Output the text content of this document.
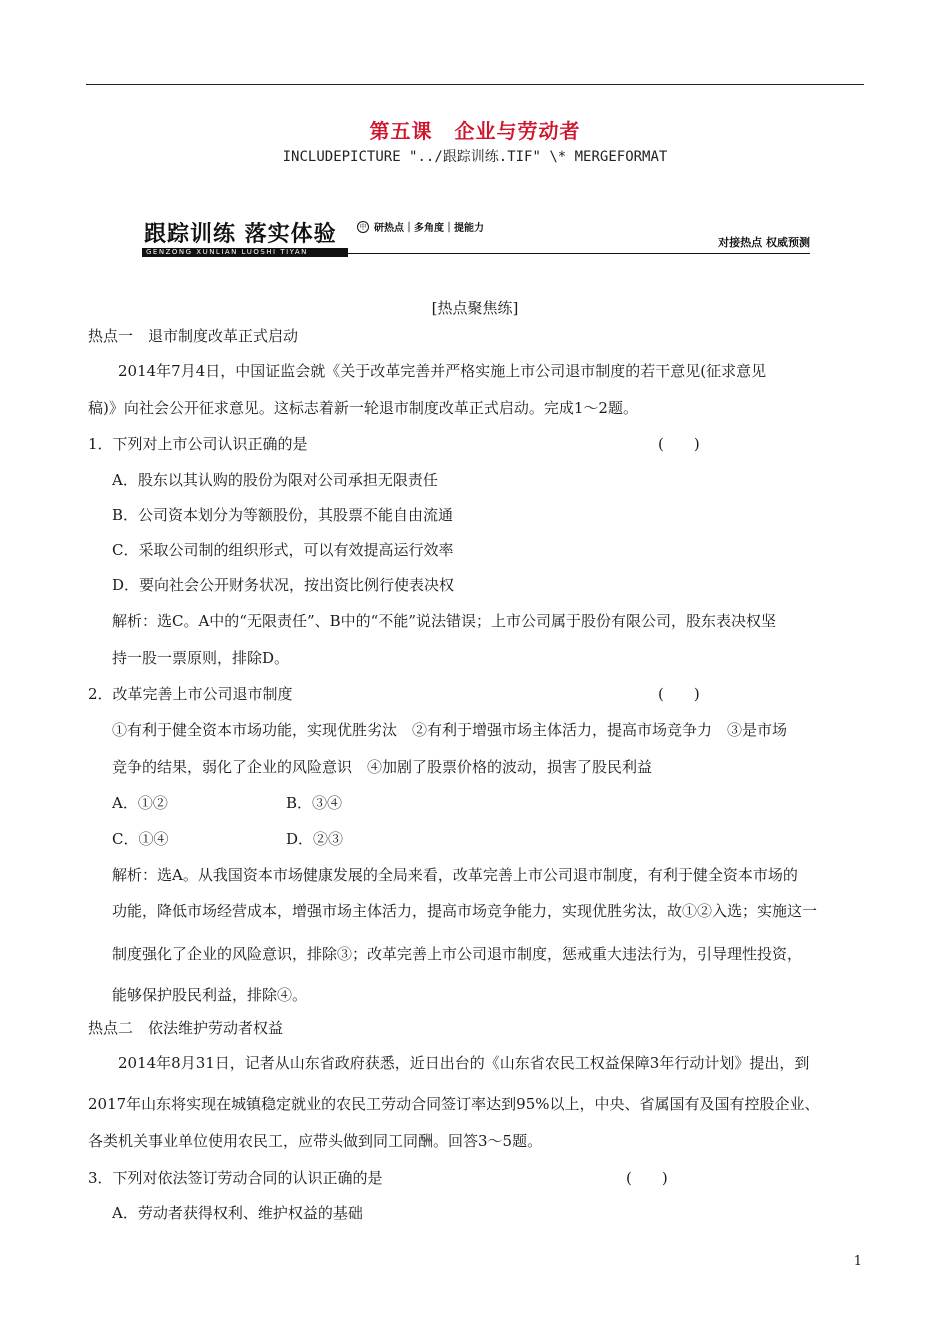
第五课 企业与劳动者
INCLUDEPICTURE "../跟踪训练.TIF" \* MERGEFORMAT
跟踪训练 落实体验
GENZONG XUNLIAN LUOSHI TIYAN
中 研热点｜多角度｜提能力
对接热点 权威预测
[热点聚焦练]
热点一　退市制度改革正式启动
2014年7月4日，中国证监会就《关于改革完善并严格实施上市公司退市制度的若干意见(征求意见
稿)》向社会公开征求意见。这标志着新一轮退市制度改革正式启动。完成1～2题。
1．下列对上市公司认识正确的是	(　　)
A．股东以其认购的股份为限对公司承担无限责任
B．公司资本划分为等额股份，其股票不能自由流通
C．采取公司制的组织形式，可以有效提高运行效率
D．要向社会公开财务状况，按出资比例行使表决权
解析：选C。A中的“无限责任”、B中的“不能”说法错误；上市公司属于股份有限公司，股东表决权坚
持一股一票原则，排除D。
2．改革完善上市公司退市制度	(　　)
①有利于健全资本市场功能，实现优胜劣汰　②有利于增强市场主体活力，提高市场竞争力　③是市场
竞争的结果，弱化了企业的风险意识　④加剧了股票价格的波动，损害了股民利益
A．①②	B．③④
C．①④	D．②③
解析：选A。从我国资本市场健康发展的全局来看，改革完善上市公司退市制度，有利于健全资本市场的
功能，降低市场经营成本，增强市场主体活力，提高市场竞争能力，实现优胜劣汰，故①②入选；实施这一
制度强化了企业的风险意识，排除③；改革完善上市公司退市制度，惩戒重大违法行为，引导理性投资，
能够保护股民利益，排除④。
热点二　依法维护劳动者权益
2014年8月31日，记者从山东省政府获悉，近日出台的《山东省农民工权益保障3年行动计划》提出，到
2017年山东将实现在城镇稳定就业的农民工劳动合同签订率达到95%以上，中央、省属国有及国有控股企业、
各类机关事业单位使用农民工，应带头做到同工同酬。回答3～5题。
3．下列对依法签订劳动合同的认识正确的是	(　　)
A．劳动者获得权利、维护权益的基础
1
